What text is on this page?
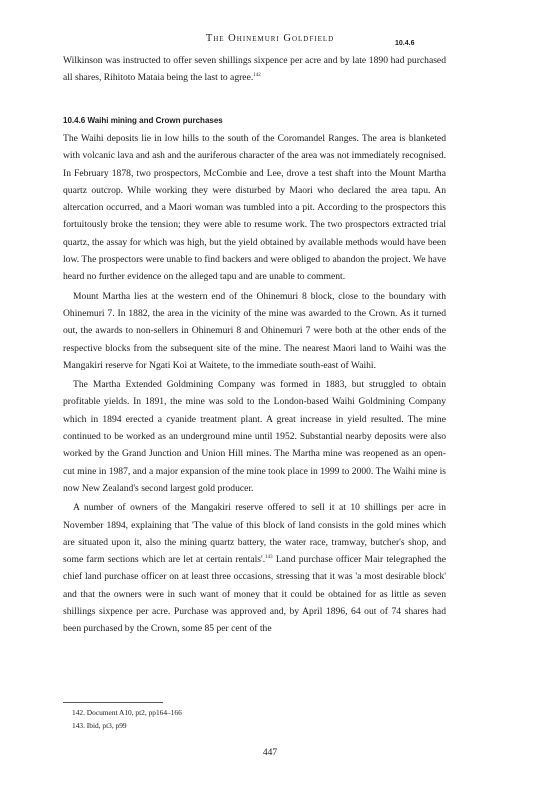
The Ohinemuri Goldfield	10.4.6

Wilkinson was instructed to offer seven shillings sixpence per acre and by late 1890 had purchased all shares, Rihitoto Mataia being the last to agree.$^{142}$

10.4.6 Waihi mining and Crown purchases

The Waihi deposits lie in low hills to the south of the Coromandel Ranges. The area is blanketed with volcanic lava and ash and the auriferous character of the area was not immediately recognised. In February 1878, two prospectors, McCombie and Lee, drove a test shaft into the Mount Martha quartz outcrop. While working they were disturbed by Maori who declared the area tapu. An altercation occurred, and a Maori woman was tumbled into a pit. According to the prospectors this fortuitously broke the tension; they were able to resume work. The two prospectors extracted trial quartz, the assay for which was high, but the yield obtained by available methods would have been low. The prospectors were unable to find backers and were obliged to abandon the project. We have heard no further evidence on the alleged tapu and are unable to comment.

Mount Martha lies at the western end of the Ohinemuri 8 block, close to the boundary with Ohinemuri 7. In 1882, the area in the vicinity of the mine was awarded to the Crown. As it turned out, the awards to non-sellers in Ohinemuri 8 and Ohinemuri 7 were both at the other ends of the respective blocks from the subsequent site of the mine. The nearest Maori land to Waihi was the Mangakiri reserve for Ngati Koi at Waitete, to the immediate south-east of Waihi.

The Martha Extended Goldmining Company was formed in 1883, but struggled to obtain profitable yields. In 1891, the mine was sold to the London-based Waihi Goldmining Company which in 1894 erected a cyanide treatment plant. A great increase in yield resulted. The mine continued to be worked as an underground mine until 1952. Substantial nearby deposits were also worked by the Grand Junction and Union Hill mines. The Martha mine was reopened as an open-cut mine in 1987, and a major expansion of the mine took place in 1999 to 2000. The Waihi mine is now New Zealand's second largest gold producer.

A number of owners of the Mangakiri reserve offered to sell it at 10 shillings per acre in November 1894, explaining that 'The value of this block of land consists in the gold mines which are situated upon it, also the mining quartz battery, the water race, tramway, butcher's shop, and some farm sections which are let at certain rentals'.$^{143}$ Land purchase officer Mair telegraphed the chief land purchase officer on at least three occasions, stressing that it was 'a most desirable block' and that the owners were in such want of money that it could be obtained for as little as seven shillings sixpence per acre. Purchase was approved and, by April 1896, 64 out of 74 shares had been purchased by the Crown, some 85 per cent of the

142. Document A10, pt2, pp164–166
143. Ibid, pt3, p99
447
